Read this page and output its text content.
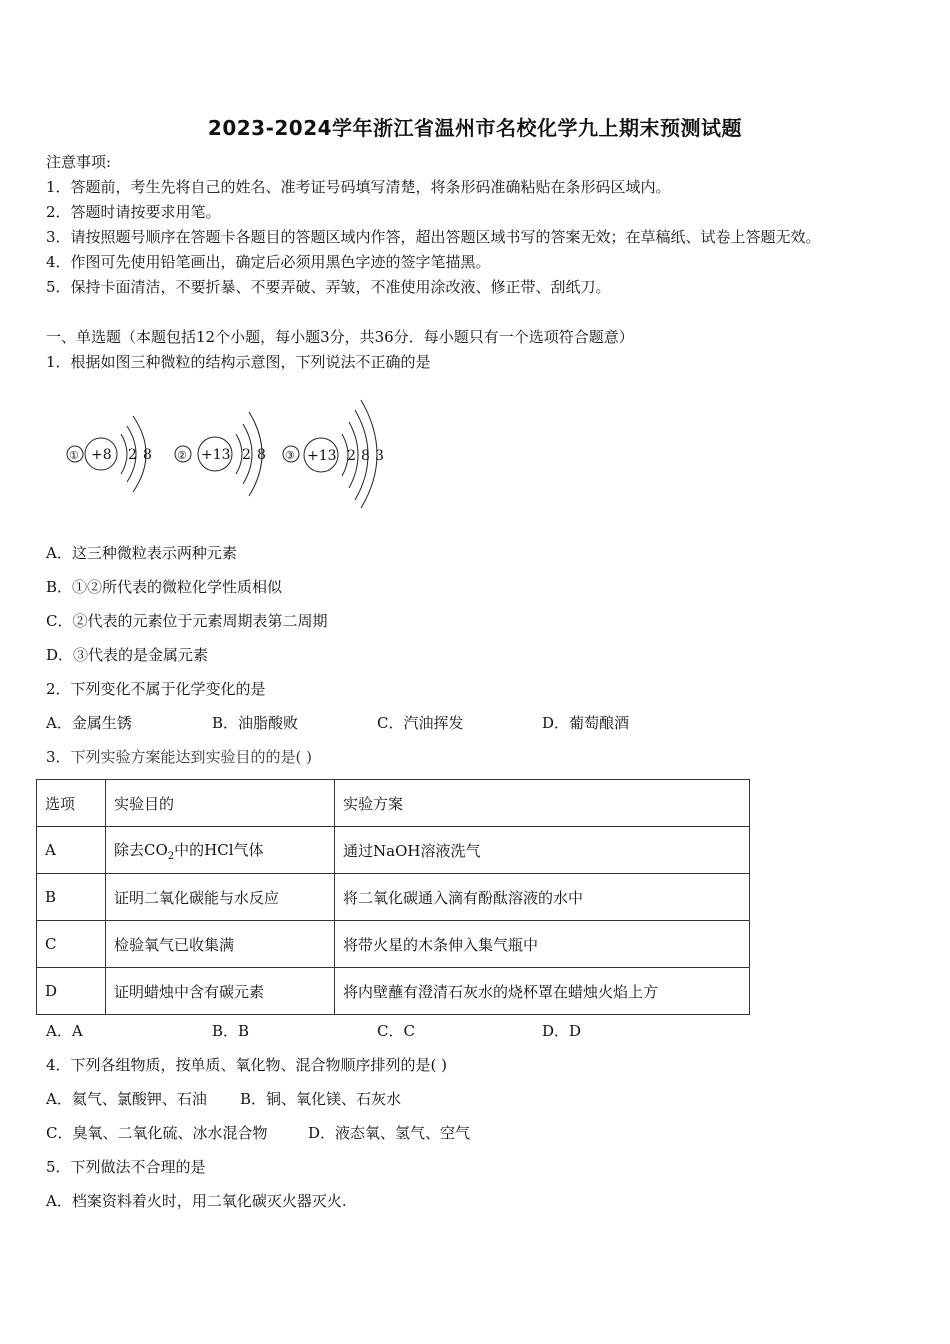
2023-2024学年浙江省温州市名校化学九上期末预测试题
注意事项:
1．答题前，考生先将自己的姓名、准考证号码填写清楚，将条形码准确粘贴在条形码区域内。
2．答题时请按要求用笔。
3．请按照题号顺序在答题卡各题目的答题区域内作答，超出答题区域书写的答案无效；在草稿纸、试卷上答题无效。
4．作图可先使用铅笔画出，确定后必须用黑色字迹的签字笔描黑。
5．保持卡面清洁，不要折暴、不要弄破、弄皱，不准使用涂改液、修正带、刮纸刀。
一、单选题（本题包括12个小题，每小题3分，共36分．每小题只有一个选项符合题意）
1．根据如图三种微粒的结构示意图，下列说法不正确的是
① +8 2 8 ② +13 2 8 ③ +13 2 8 3
A．这三种微粒表示两种元素
B．①②所代表的微粒化学性质相似
C．②代表的元素位于元素周期表第二周期
D．③代表的是金属元素
2．下列变化不属于化学变化的是
A．金属生锈	B．油脂酸败	C．汽油挥发	D．葡萄酿酒
3．下列实验方案能达到实验目的的是( )
选项	实验目的	实验方案
A	除去$CO_2$中的HCl气体	通过NaOH溶液洗气
B	证明二氧化碳能与水反应	将二氧化碳通入滴有酚酞溶液的水中
C	检验氧气已收集满	将带火星的木条伸入集气瓶中
D	证明蜡烛中含有碳元素	将内壁蘸有澄清石灰水的烧杯罩在蜡烛火焰上方
A．A	B．B	C．C	D．D
4．下列各组物质，按单质、氧化物、混合物顺序排列的是( )
A．氦气、氯酸钾、石油 B．铜、氧化镁、石灰水
C．臭氧、二氧化硫、冰水混合物	D．液态氧、氢气、空气
5．下列做法不合理的是
A．档案资料着火时，用二氧化碳灭火器灭火.
